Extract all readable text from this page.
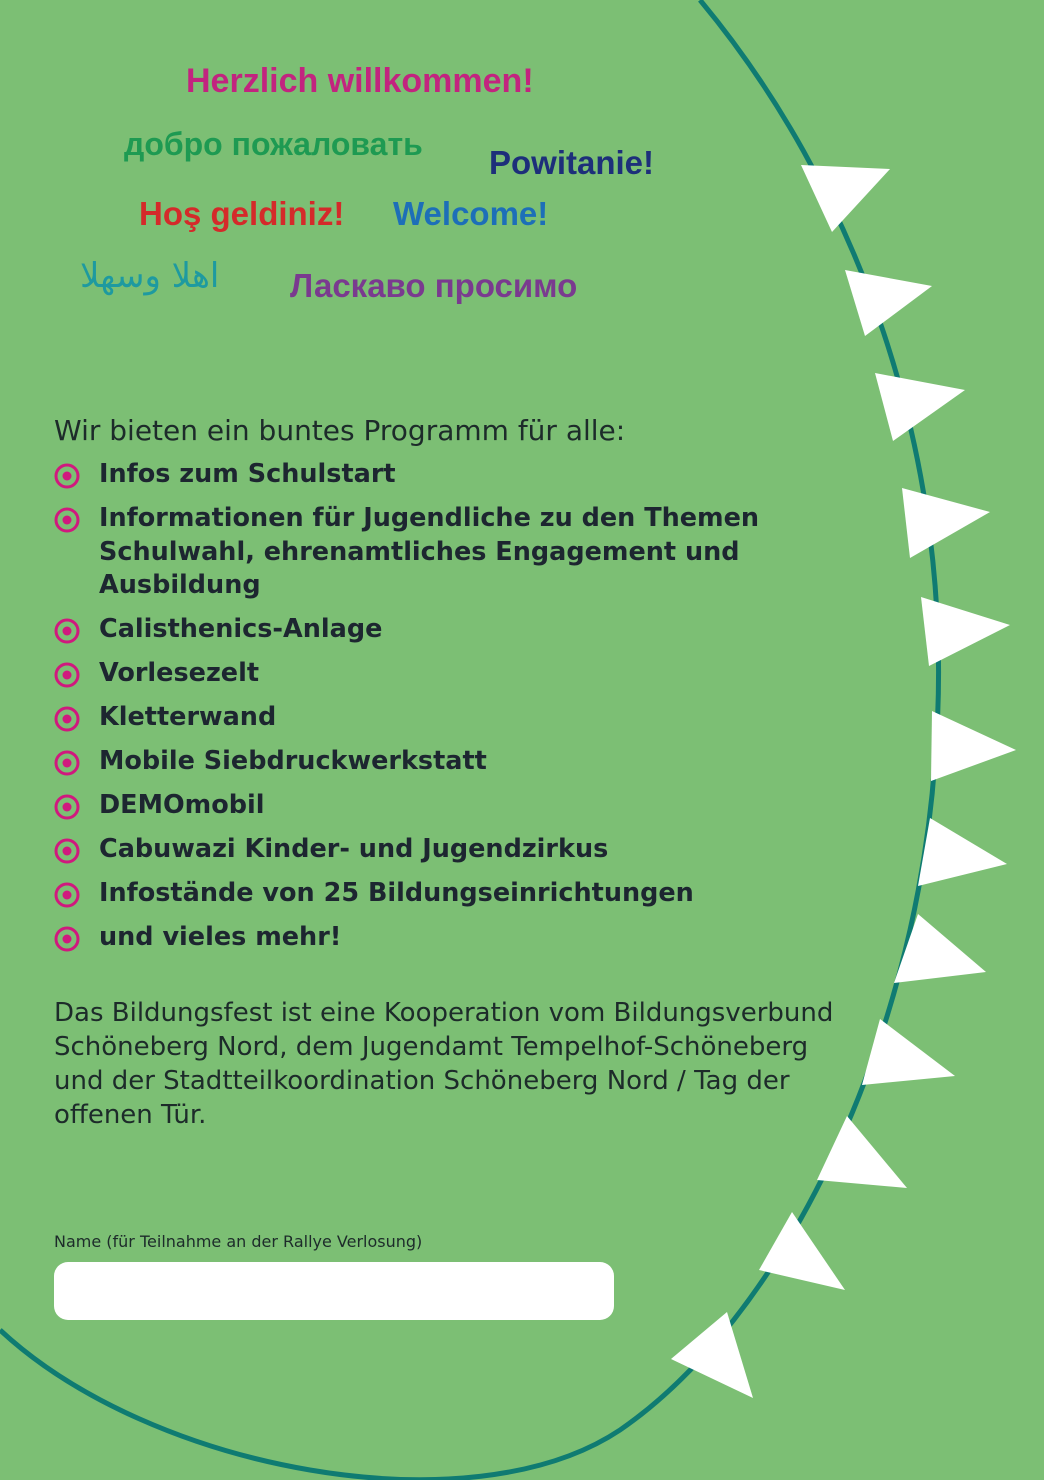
Herzlich willkommen!
добро пожаловать Powitanie!
Hoş geldiniz! Welcome!
اهلا وسهلا Ласкаво просимо
Wir bieten ein buntes Programm für alle:
Infos zum Schulstart
Informationen für Jugendliche zu den Themen Schulwahl, ehrenamtliches Engagement und Ausbildung
Calisthenics-Anlage
Vorlesezelt
Kletterwand
Mobile Siebdruckwerkstatt
DEMOmobil
Cabuwazi Kinder- und Jugendzirkus
Infostände von 25 Bildungseinrichtungen
und vieles mehr!

Das Bildungsfest ist eine Kooperation vom Bildungsverbund Schöneberg Nord, dem Jugendamt Tempelhof-Schöneberg und der Stadtteilkoordination Schöneberg Nord / Tag der offenen Tür.

Name (für Teilnahme an der Rallye Verlosung)
